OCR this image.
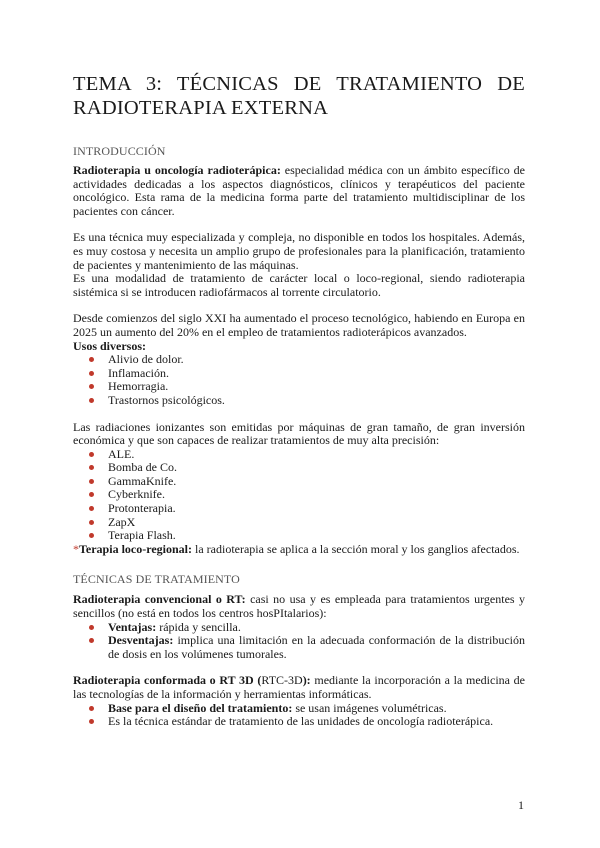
TEMA 3: TÉCNICAS DE TRATAMIENTO DE
RADIOTERAPIA EXTERNA
INTRODUCCIÓN

Radioterapia u oncología radioterápica: especialidad médica con un ámbito específico de actividades dedicadas a los aspectos diagnósticos, clínicos y terapéuticos del paciente oncológico. Esta rama de la medicina forma parte del tratamiento multidisciplinar de los pacientes con cáncer.

Es una técnica muy especializada y compleja, no disponible en todos los hospitales. Además, es muy costosa y necesita un amplio grupo de profesionales para la planificación, tratamiento de pacientes y mantenimiento de las máquinas.

Es una modalidad de tratamiento de carácter local o loco-regional, siendo radioterapia sistémica si se introducen radiofármacos al torrente circulatorio.

Desde comienzos del siglo XXI ha aumentado el proceso tecnológico, habiendo en Europa en 2025 un aumento del 20% en el empleo de tratamientos radioterápicos avanzados.

Usos diversos:

Alivio de dolor.
Inflamación.
Hemorragia.
Trastornos psicológicos.

Las radiaciones ionizantes son emitidas por máquinas de gran tamaño, de gran inversión económica y que son capaces de realizar tratamientos de muy alta precisión:

ALE.
Bomba de Co.
GammaKnife.
Cyberknife.
Protonterapia.
ZapX
Terapia Flash.

*Terapia loco-regional: la radioterapia se aplica a la sección moral y los ganglios afectados.

TÉCNICAS DE TRATAMIENTO

Radioterapia convencional o RT: casi no usa y es empleada para tratamientos urgentes y sencillos (no está en todos los centros hosPItalarios):

Ventajas: rápida y sencilla.
Desventajas: implica una limitación en la adecuada conformación de la distribución de dosis en los volúmenes tumorales.

Radioterapia conformada o RT 3D (RTC-3D): mediante la incorporación a la medicina de las tecnologías de la información y herramientas informáticas.

Base para el diseño del tratamiento: se usan imágenes volumétricas.
Es la técnica estándar de tratamiento de las unidades de oncología radioterápica.
1
